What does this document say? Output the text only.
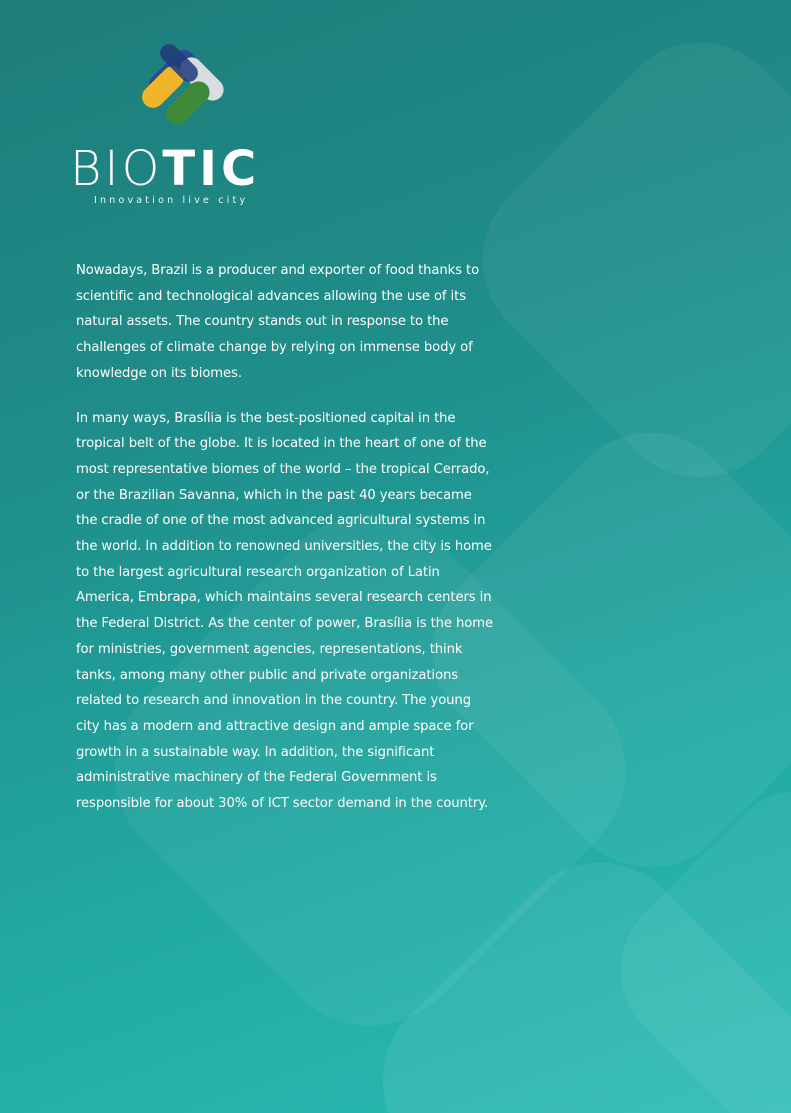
BIOTIC
Innovation live city

Nowadays, Brazil is a producer and exporter of food thanks to scientific and technological advances allowing the use of its natural assets. The country stands out in response to the challenges of climate change by relying on immense body of knowledge on its biomes.

In many ways, Brasília is the best-positioned capital in the tropical belt of the globe. It is located in the heart of one of the most representative biomes of the world – the tropical Cerrado, or the Brazilian Savanna, which in the past 40 years became the cradle of one of the most advanced agricultural systems in the world. In addition to renowned universities, the city is home to the largest agricultural research organization of Latin America, Embrapa, which maintains several research centers in the Federal District. As the center of power, Brasília is the home for ministries, government agencies, representations, think tanks, among many other public and private organizations related to research and innovation in the country. The young city has a modern and attractive design and ample space for growth in a sustainable way. In addition, the significant administrative machinery of the Federal Government is responsible for about 30% of ICT sector demand in the country.
